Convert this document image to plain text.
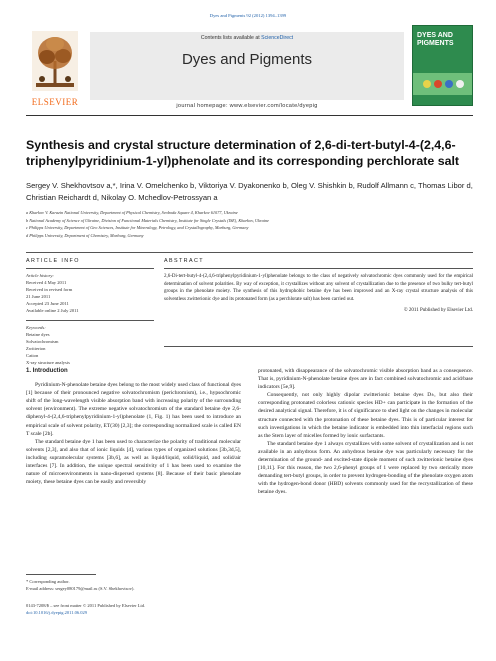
Dyes and Pigments 92 (2012) 1394–1399
ELSEVIER
Contents lists available at ScienceDirect
Dyes and Pigments
journal homepage: www.elsevier.com/locate/dyepig
DYES AND PIGMENTS
Synthesis and crystal structure determination of 2,6-di-tert-butyl-4-(2,4,6-triphenylpyridinium-1-yl)phenolate and its corresponding perchlorate salt
Sergey V. Shekhovtsov a,*, Irina V. Omelchenko b, Viktoriya V. Dyakonenko b, Oleg V. Shishkin b, Rudolf Allmann c, Thomas Libor d, Christian Reichardt d, Nikolay O. Mchedlov-Petrossyan a
a Kharkov V. Karazin National University, Department of Physical Chemistry, Svoboda Square 4, Kharkov 61077, Ukraine
b National Academy of Science of Ukraine, Division of Functional Materials Chemistry, Institute for Single Crystals (ISE), Kharkov, Ukraine
c Philipps University, Department of Geo Sciences, Institute for Mineralogy, Petrology, and Crystallography, Marburg, Germany
d Philipps University, Department of Chemistry, Marburg, Germany
ARTICLE INFO
Article history:
Received 4 May 2011
Received in revised form
21 June 2011
Accepted 23 June 2011
Available online 2 July 2011
Keywords:
Betaine dyes
Solvatochromism
Zwitterion
Cation
X-ray structure analysis
ABSTRACT

2,6-Di-tert-butyl-4-(2,4,6-triphenylpyridinium-1-yl)phenolate belongs to the class of negatively solvatochromic dyes commonly used for the empirical determination of solvent polarities. By way of exception, it crystallizes without any solvent of crystallization due to the presence of two bulky tert-butyl groups in the phenolate moiety. The synthesis of this hydrophobic betaine dye has been improved and an X-ray crystal structure analysis of this solventless zwitterionic dye and its protonated form (as a perchlorate salt) has been carried out.

© 2011 Published by Elsevier Ltd.
1. Introduction

Pyridinium-N-phenolate betaine dyes belong to the most widely used class of functional dyes [1] because of their pronounced negative solvatochromism (perichromism), i.e., hypsochromic shift of the long-wavelength visible absorption band with increasing polarity of the surrounding solvent (environment). The extreme negative solvatochromism of the standard betaine dye 2,6-diphenyl-4-(2,4,6-triphenylpyridinium-1-yl)phenolate (1, Fig. 1) has been used to introduce an empirical scale of solvent polarity, ET(30) [2,3]; the corresponding normalized scale is called EN T scale [2b].

The standard betaine dye 1 has been used to characterize the polarity of traditional molecular solvents [2,3], and also that of ionic liquids [4], various types of organized solutions [3b,3d,5], including supramolecular systems [3b,6], as well as liquid/liquid, solid/liquid, and solid/air interfaces [7]. In addition, the unique spectral sensitivity of 1 has been used to examine the nature of microenvironments in nano-dispersed systems [8]. Because of their basic phenolate moiety, these betaine dyes can be easily and reversibly

protonated, with disappearance of the solvatochromic visible absorption band as a consequence. That is, pyridinium-N-phenolate betaine dyes are in fact combined solvatochromic and acid/base indicators [5e,9].

Consequently, not only highly dipolar zwitterionic betaine dyes D±, but also their corresponding protonated colorless cationic species HD+ can participate in the formation of the desired analytical signal. Therefore, it is of significance to shed light on the changes in molecular structure connected with the protonation of these betaine dyes. This is of particular interest for such investigations in which the betaine indicator is embedded into thin interfacial regions such as the Stern layer of micelles formed by ionic surfactants.

The standard betaine dye 1 always crystallizes with some solvent of crystallization and is not available in an anhydrous form. An anhydrous betaine dye was particularly necessary for the determination of the ground- and excited-state dipole moment of such zwitterionic betaine dyes [10,11]. For this reason, the two 2,6-phenyl groups of 1 were replaced by two sterically more demanding tert-butyl groups, in order to prevent hydrogen-bonding of the phenolate oxygen atom with the hydrogen-bond donor (HBD) solvents commonly used for the recrystallization of these betaine dyes.

* Corresponding author.
E-mail address: sergey080179@mail.ru (S.V. Shekhovtsov).
0143-7208/$ – see front matter © 2011 Published by Elsevier Ltd.
doi:10.1016/j.dyepig.2011.06.029
